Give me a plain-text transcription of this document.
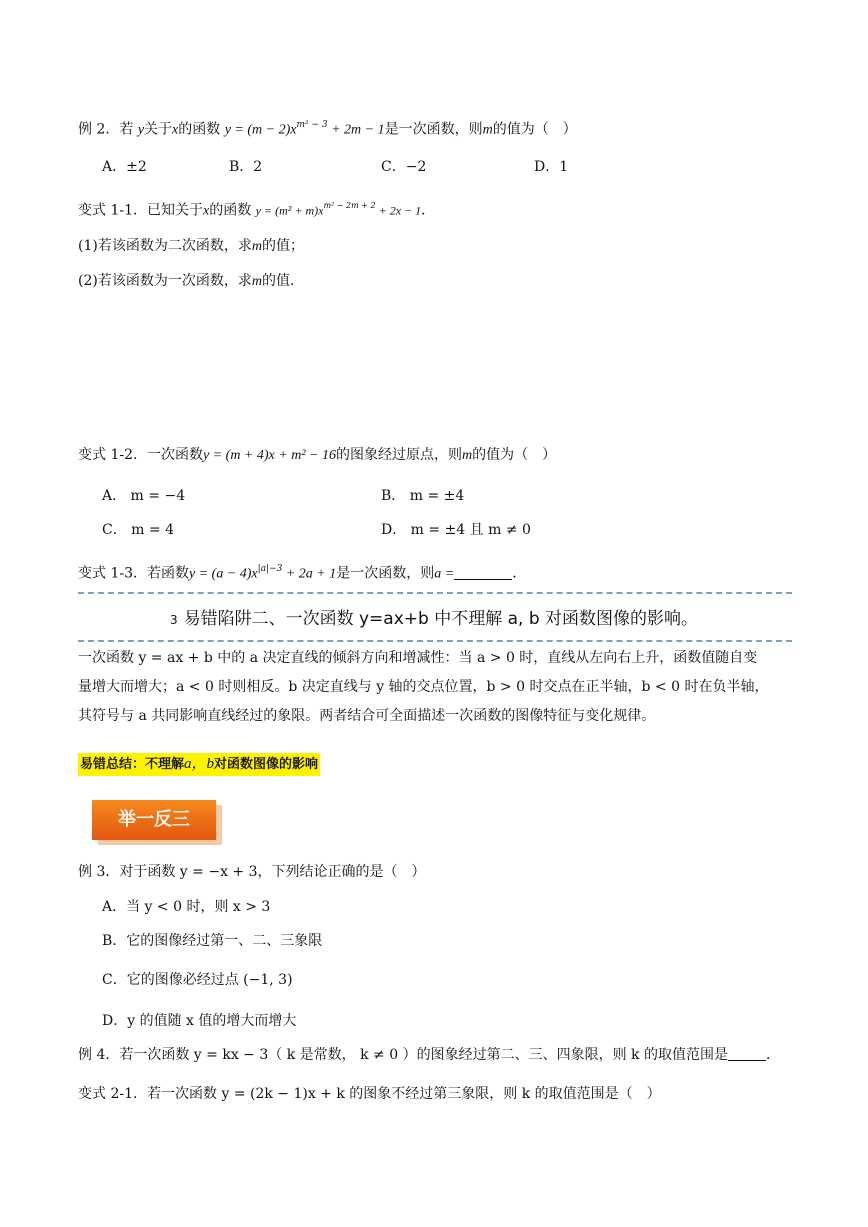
例 2．若 y关于x的函数 $y = (m - 2)x^{m^2 - 3} + 2m - 1$是一次函数，则m的值为（　）
A．±2	B．2	C．−2	D．1
变式 1-1．已知关于x的函数 $y = (m^2 + m)x^{m^2 - 2m + 2} + 2x - 1$．
(1)若该函数为二次函数，求m的值；
(2)若该函数为一次函数，求m的值．
变式 1-2．一次函数y = (m + 4)x + m² − 16的图象经过原点，则m的值为（　）
A． m = −4	B． m = ±4
C． m = 4	D． m = ±4 且 m ≠ 0
变式 1-3．若函数$y = (a - 4)x^{|a|-3} + 2a + 1$是一次函数，则a =	．
3 易错陷阱二、一次函数 y=ax+b 中不理解 a, b 对函数图像的影响。
一次函数 y = ax + b 中的 a 决定直线的倾斜方向和增减性：当 a > 0 时，直线从左向右上升，函数值随自变
量增大而增大；a < 0 时则相反。b 决定直线与 y 轴的交点位置，b > 0 时交点在正半轴，b < 0 时在负半轴，
其符号与 a 共同影响直线经过的象限。两者结合可全面描述一次函数的图像特征与变化规律。
易错总结：不理解a，b对函数图像的影响
举一反三
例 3．对于函数 y = −x + 3，下列结论正确的是（　）
A．当 y < 0 时，则 x > 3
B．它的图像经过第一、二、三象限
C．它的图像必经过点 (−1, 3)
D．y 的值随 x 值的增大而增大
例 4．若一次函数 y = kx − 3（ k 是常数， k ≠ 0 ）的图象经过第二、三、四象限，则 k 的取值范围是	．
变式 2-1．若一次函数 y = (2k − 1)x + k 的图象不经过第三象限，则 k 的取值范围是（　）
